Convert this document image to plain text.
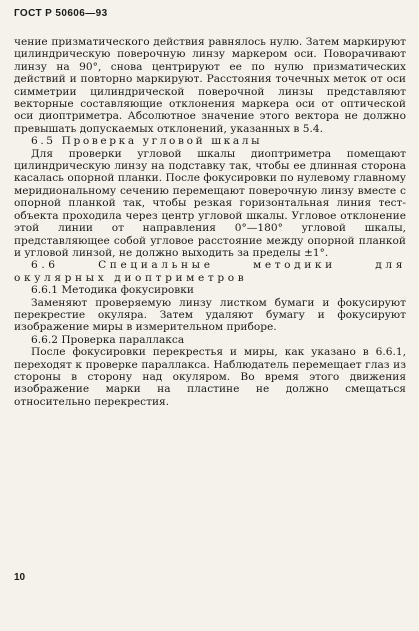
ГОСТ Р 50606—93

чение призматического действия равнялось нулю. Затем маркируют цилиндрическую поверочную линзу маркером оси. Поворачивают линзу на 90°, снова центрируют ее по нулю призматических действий и повторно маркируют. Расстояния точечных меток от оси симметрии цилиндрической поверочной линзы представляют векторные составляющие отклонения маркера оси от оптической оси диоптриметра. Абсолютное значение этого вектора не должно превышать допускаемых отклонений, указанных в 5.4.

6.5 Проверка угловой шкалы

Для проверки угловой шкалы диоптриметра помещают цилиндрическую линзу на подставку так, чтобы ее длинная сторона касалась опорной планки. После фокусировки по нулевому главному меридиональному сечению перемещают поверочную линзу вместе с опорной планкой так, чтобы резкая горизонтальная линия тест-объекта проходила через центр угловой шкалы. Угловое отклонение этой линии от направления 0°—180° угловой шкалы, представляющее собой угловое расстояние между опорной планкой и угловой линзой, не должно выходить за пределы ±1°.

6.6 Специальные методики для окулярных диоптриметров

6.6.1 Методика фокусировки

Заменяют проверяемую линзу листком бумаги и фокусируют перекрестие окуляра. Затем удаляют бумагу и фокусируют изображение миры в измерительном приборе.

6.6.2 Проверка параллакса

После фокусировки перекрестья и миры, как указано в 6.6.1, переходят к проверке параллакса. Наблюдатель перемещает глаз из стороны в сторону над окуляром. Во время этого движения изображение марки на пластине не должно смещаться относительно перекрестия.

10
